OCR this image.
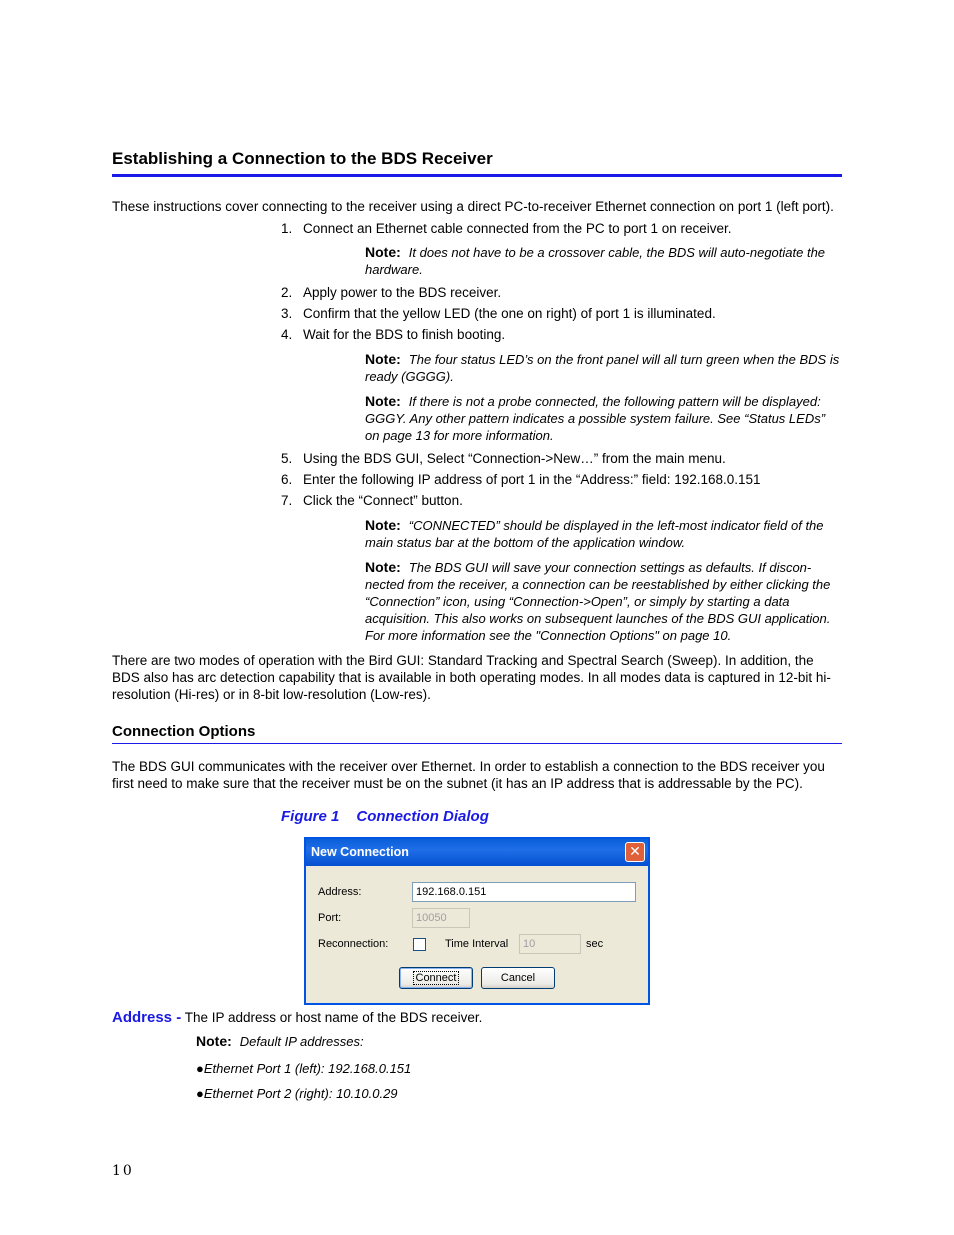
Establishing a Connection to the BDS Receiver
These instructions cover connecting to the receiver using a direct PC-to-receiver Ethernet connection on port 1 (left port).
1. Connect an Ethernet cable connected from the PC to port 1 on receiver.
Note: It does not have to be a crossover cable, the BDS will auto-negotiate the hardware.
2. Apply power to the BDS receiver.
3. Confirm that the yellow LED (the one on right) of port 1 is illuminated.
4. Wait for the BDS to finish booting.
Note: The four status LED’s on the front panel will all turn green when the BDS is ready (GGGG).
Note: If there is not a probe connected, the following pattern will be displayed: GGGY. Any other pattern indicates a possible system failure. See “Status LEDs” on page 13 for more information.
5. Using the BDS GUI, Select “Connection->New…” from the main menu.
6. Enter the following IP address of port 1 in the “Address:” field: 192.168.0.151
7. Click the “Connect” button.
Note: “CONNECTED” should be displayed in the left-most indicator field of the main status bar at the bottom of the application window.
Note: The BDS GUI will save your connection settings as defaults. If discon-nected from the receiver, a connection can be reestablished by either clicking the “Connection” icon, using “Connection->Open”, or simply by starting a data acquisition. This also works on subsequent launches of the BDS GUI application. For more information see the "Connection Options" on page 10.
There are two modes of operation with the Bird GUI: Standard Tracking and Spectral Search (Sweep). In addition, the BDS also has arc detection capability that is available in both operating modes. In all modes data is captured in 12-bit hi-resolution (Hi-res) or in 8-bit low-resolution (Low-res).
Connection Options
The BDS GUI communicates with the receiver over Ethernet. In order to establish a connection to the BDS receiver you first need to make sure that the receiver must be on the subnet (it has an IP address that is addressable by the PC).
Figure 1 Connection Dialog
New Connection	✕
Address:
192.168.0.151
Port:
10050
Reconnection:	Time Interval
10	sec
Connect	Cancel
Address - The IP address or host name of the BDS receiver.
Note: Default IP addresses:
●Ethernet Port 1 (left): 192.168.0.151
●Ethernet Port 2 (right): 10.10.0.29
10
